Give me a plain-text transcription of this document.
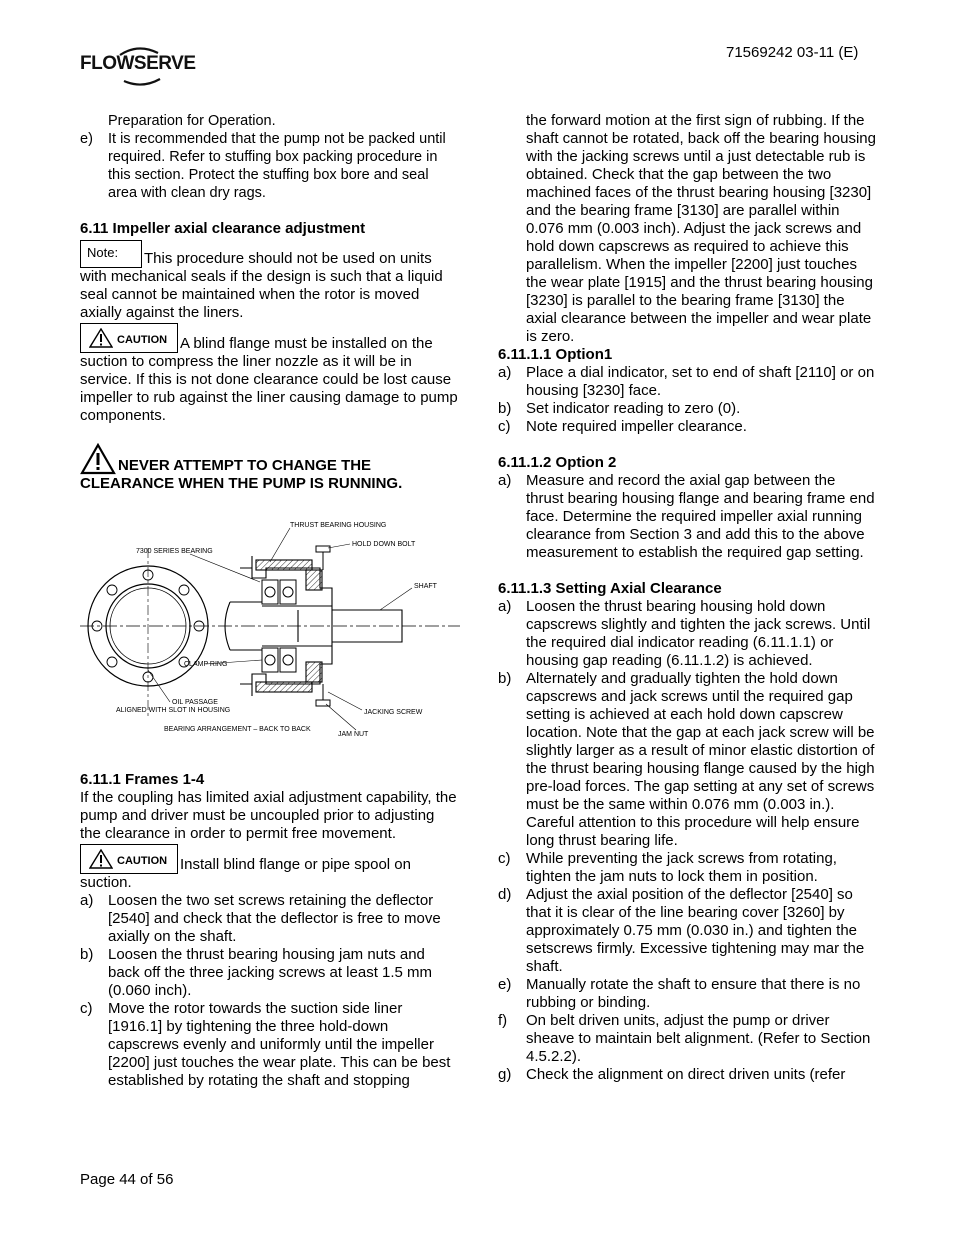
FLOWSERVE
71569242 03-11 (E)

Preparation for Operation.

e) It is recommended that the pump not be packed until required. Refer to stuffing box packing procedure in this section. Protect the stuffing box bore and seal area with clean dry rags.

6.11 Impeller axial clearance adjustment

Note: This procedure should not be used on units with mechanical seals if the design is such that a liquid seal cannot be maintained when the rotor is moved axially against the liners.

CAUTION A blind flange must be installed on the suction to compress the liner nozzle as it will be in service. If this is not done clearance could be lost cause impeller to rub against the liner causing damage to pump components.

NEVER ATTEMPT TO CHANGE THE CLEARANCE WHEN THE PUMP IS RUNNING.

6.11.1 Frames 1-4

If the coupling has limited axial adjustment capability, the pump and driver must be uncoupled prior to adjusting the clearance in order to permit free movement.

CAUTION Install blind flange or pipe spool on suction.

a) Loosen the two set screws retaining the deflector [2540] and check that the deflector is free to move axially on the shaft.
b) Loosen the thrust bearing housing jam nuts and back off the three jacking screws at least 1.5 mm (0.060 inch).
c) Move the rotor towards the suction side liner [1916.1] by tightening the three hold-down capscrews evenly and uniformly until the impeller [2200] just touches the wear plate. This can be best established by rotating the shaft and stopping
THRUST BEARING HOUSING
HOLD DOWN BOLT
7300 SERIES BEARING
SHAFT
CLAMP RING
OIL PASSAGE
ALIGNED WITH SLOT IN HOUSING	JACKING SCREW
BEARING ARRANGEMENT – BACK TO BACK
JAM NUT

the forward motion at the first sign of rubbing. If the shaft cannot be rotated, back off the bearing housing with the jacking screws until a just detectable rub is obtained. Check that the gap between the two machined faces of the thrust bearing housing [3230] and the bearing frame [3130] are parallel within 0.076 mm (0.003 inch). Adjust the jack screws and hold down capscrews as required to achieve this parallelism. When the impeller [2200] just touches the wear plate [1915] and the thrust bearing housing [3230] is parallel to the bearing frame [3130] the axial clearance between the impeller and wear plate is zero.

6.11.1.1 Option1

a) Place a dial indicator, set to end of shaft [2110] or on housing [3230] face.
b) Set indicator reading to zero (0).
c) Note required impeller clearance.

6.11.1.2 Option 2

a) Measure and record the axial gap between the thrust bearing housing flange and bearing frame end face. Determine the required impeller axial running clearance from Section 3 and add this to the above measurement to establish the required gap setting.

6.11.1.3 Setting Axial Clearance

a) Loosen the thrust bearing housing hold down capscrews slightly and tighten the jack screws. Until the required dial indicator reading (6.11.1.1) or housing gap reading (6.11.1.2) is achieved.
b) Alternately and gradually tighten the hold down capscrews and jack screws until the required gap setting is achieved at each hold down capscrew location. Note that the gap at each jack screw will be slightly larger as a result of minor elastic distortion of the thrust bearing housing flange caused by the high pre-load forces. The gap setting at any set of screws must be the same within 0.076 mm (0.003 in.). Careful attention to this procedure will help ensure long thrust bearing life.
c) While preventing the jack screws from rotating, tighten the jam nuts to lock them in position.
d) Adjust the axial position of the deflector [2540] so that it is clear of the line bearing cover [3260] by approximately 0.75 mm (0.030 in.) and tighten the setscrews firmly. Excessive tightening may mar the shaft.
e) Manually rotate the shaft to ensure that there is no rubbing or binding.
f) On belt driven units, adjust the pump or driver sheave to maintain belt alignment. (Refer to Section 4.5.2.2).
g) Check the alignment on direct driven units (refer
Page 44 of 56
